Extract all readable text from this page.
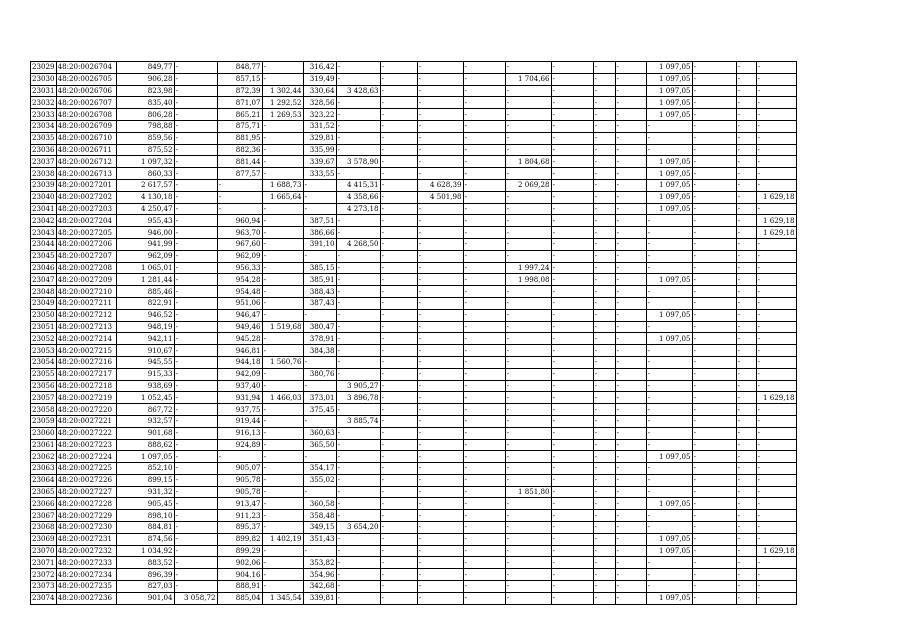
23029	48:20:0026704	849,77	-	848,77	-	316,42	-	-	-	-	-	-	-	-	1 097,05	-	-	-
23030	48:20:0026705	906,28	-	857,15	-	319,49	-	-	-	-	1 704,66	-	-	-	1 097,05	-	-	-
23031	48:20:0026706	823,98	-	872,39	1 302,44	330,64	3 428,63	-	-	-	-	-	-	-	1 097,05	-	-	-
23032	48:20:0026707	835,40	-	871,07	1 292,52	328,56	-	-	-	-	-	-	-	-	1 097,05	-	-	-
23033	48:20:0026708	806,28	-	865,21	1 269,53	323,22	-	-	-	-	-	-	-	-	1 097,05	-	-	-
23034	48:20:0026709	798,88	-	875,71	-	331,52	-	-	-	-	-	-	-	-	-	-	-	-
23035	48:20:0026710	859,56	-	881,95	-	329,81	-	-	-	-	-	-	-	-	-	-	-	-
23036	48:20:0026711	875,52	-	882,36	-	335,99	-	-	-	-	-	-	-	-	-	-	-	-
23037	48:20:0026712	1 097,32	-	881,44	-	339,67	3 578,90	-	-	-	1 804,68	-	-	-	1 097,05	-	-	-
23038	48:20:0026713	860,33	-	877,57	-	333,55	-	-	-	-	-	-	-	-	1 097,05	-	-	-
23039	48:20:0027201	2 617,57	-	-	1 688,73	-	4 415,31	-	4 628,39	-	2 069,28	-	-	-	1 097,05	-	-	-
23040	48:20:0027202	4 130,18	-	-	1 665,64	-	4 358,66	-	4 501,98	-	-	-	-	-	1 097,05	-	-	1 629,18
23041	48:20:0027203	4 250,47	-	-	-	-	4 273,18	-	-	-	-	-	-	-	1 097,05	-	-	-
23042	48:20:0027204	955,43	-	960,94	-	387,51	-	-	-	-	-	-	-	-	-	-	-	1 629,18
23043	48:20:0027205	946,00	-	963,70	-	386,66	-	-	-	-	-	-	-	-	-	-	-	1 629,18
23044	48:20:0027206	941,99	-	967,60	-	391,10	4 268,50	-	-	-	-	-	-	-	-	-	-	-
23045	48:20:0027207	962,09	-	962,09	-	-	-	-	-	-	-	-	-	-	-	-	-	-
23046	48:20:0027208	1 065,01	-	956,33	-	385,15	-	-	-	-	1 997,24	-	-	-	-	-	-	-
23047	48:20:0027209	1 281,44	-	954,28	-	385,91	-	-	-	-	1 998,08	-	-	-	1 097,05	-	-	-
23048	48:20:0027210	885,46	-	954,48	-	388,43	-	-	-	-	-	-	-	-	-	-	-	-
23049	48:20:0027211	822,91	-	951,06	-	387,43	-	-	-	-	-	-	-	-	-	-	-	-
23050	48:20:0027212	946,52	-	946,47	-	-	-	-	-	-	-	-	-	-	1 097,05	-	-	-
23051	48:20:0027213	948,19	-	949,46	1 519,68	380,47	-	-	-	-	-	-	-	-	-	-	-	-
23052	48:20:0027214	942,11	-	945,28	-	378,91	-	-	-	-	-	-	-	-	1 097,05	-	-	-
23053	48:20:0027215	910,67	-	946,81	-	384,38	-	-	-	-	-	-	-	-	-	-	-	-
23054	48:20:0027216	945,55	-	944,18	1 560,76	-	-	-	-	-	-	-	-	-	-	-	-	-
23055	48:20:0027217	915,33	-	942,09	-	380,76	-	-	-	-	-	-	-	-	-	-	-	-
23056	48:20:0027218	938,69	-	937,40	-	-	3 905,27	-	-	-	-	-	-	-	-	-	-	-
23057	48:20:0027219	1 052,45	-	931,94	1 466,03	373,01	3 896,78	-	-	-	-	-	-	-	-	-	-	1 629,18
23058	48:20:0027220	867,72	-	937,75	-	375,45	-	-	-	-	-	-	-	-	-	-	-	-
23059	48:20:0027221	932,57	-	919,44	-	-	3 885,74	-	-	-	-	-	-	-	-	-	-	-
23060	48:20:0027222	901,68	-	916,13	-	360,63	-	-	-	-	-	-	-	-	-	-	-	-
23061	48:20:0027223	888,62	-	924,89	-	365,50	-	-	-	-	-	-	-	-	-	-	-	-
23062	48:20:0027224	1 097,05	-	-	-	-	-	-	-	-	-	-	-	-	1 097,05	-	-	-
23063	48:20:0027225	852,10	-	905,07	-	354,17	-	-	-	-	-	-	-	-	-	-	-	-
23064	48:20:0027226	899,15	-	905,78	-	355,02	-	-	-	-	-	-	-	-	-	-	-	-
23065	48:20:0027227	931,32	-	905,78	-	-	-	-	-	-	1 851,80	-	-	-	-	-	-	-
23066	48:20:0027228	905,45	-	913,47	-	360,58	-	-	-	-	-	-	-	-	1 097,05	-	-	-
23067	48:20:0027229	898,10	-	911,23	-	358,48	-	-	-	-	-	-	-	-	-	-	-	-
23068	48:20:0027230	884,81	-	895,37	-	349,15	3 654,20	-	-	-	-	-	-	-	-	-	-	-
23069	48:20:0027231	874,56	-	899,82	1 402,19	351,43	-	-	-	-	-	-	-	-	1 097,05	-	-	-
23070	48:20:0027232	1 034,92	-	899,29	-	-	-	-	-	-	-	-	-	-	1 097,05	-	-	1 629,18
23071	48:20:0027233	883,52	-	902,06	-	353,82	-	-	-	-	-	-	-	-	-	-	-	-
23072	48:20:0027234	896,39	-	904,16	-	354,96	-	-	-	-	-	-	-	-	-	-	-	-
23073	48:20:0027235	827,03	-	888,91	-	342,68	-	-	-	-	-	-	-	-	-	-	-	-
23074	48:20:0027236	901,04	3 058,72	885,04	1 345,54	339,81	-	-	-	-	-	-	-	-	1 097,05	-	-	-
